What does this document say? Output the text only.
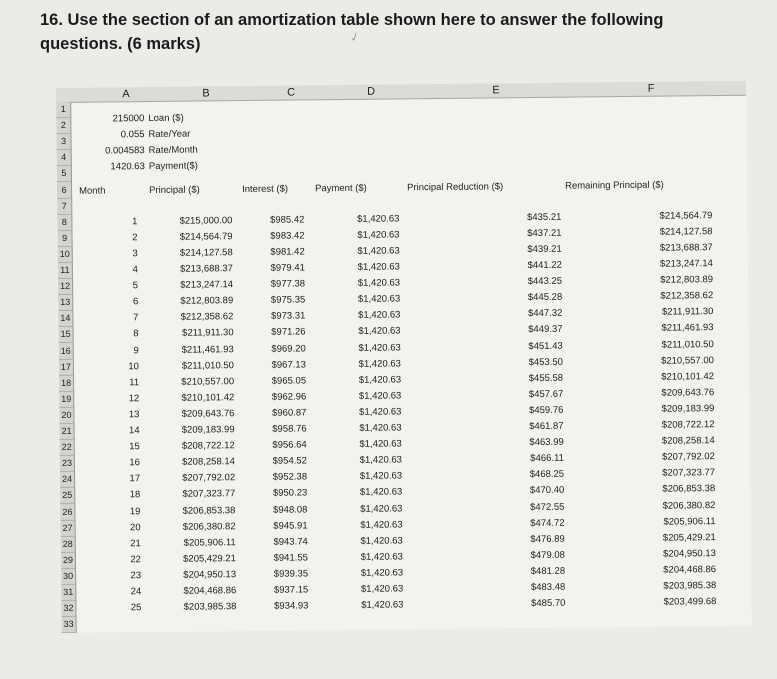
16. Use the section of an amortization table shown here to answer the following
questions. (6 marks)	✓
A	B	C	D	E	F
1
2
3
4
5
6
7
8
9
10
11
12
13
14
15
16
17
18
19
20
21
22
23
24
25
26
27
28
29
30
31
32
33
215000 Loan ($)
0.055 Rate/Year
0.004583 Rate/Month
1420.63 Payment($)
Month	Principal ($)	Interest ($)	Payment ($)	Principal Reduction ($)	Remaining Principal ($)
1	$215,000.00	$985.42	$1,420.63	$435.21	$214,564.79
2	$214,564.79	$983.42	$1,420.63	$437.21	$214,127.58
3	$214,127.58	$981.42	$1,420.63	$439.21	$213,688.37
4	$213,688.37	$979.41	$1,420.63	$441.22	$213,247.14
5	$213,247.14	$977.38	$1,420.63	$443.25	$212,803.89
6	$212,803.89	$975.35	$1,420.63	$445.28	$212,358.62
7	$212,358.62	$973.31	$1,420.63	$447.32	$211,911.30
8	$211,911.30	$971.26	$1,420.63	$449.37	$211,461.93
9	$211,461.93	$969.20	$1,420.63	$451.43	$211,010.50
10	$211,010.50	$967.13	$1,420.63	$453.50	$210,557.00
11	$210,557.00	$965.05	$1,420.63	$455.58	$210,101.42
12	$210,101.42	$962.96	$1,420.63	$457.67	$209,643.76
13	$209,643.76	$960.87	$1,420.63	$459.76	$209,183.99
14	$209,183.99	$958.76	$1,420.63	$461.87	$208,722.12
15	$208,722.12	$956.64	$1,420.63	$463.99	$208,258.14
16	$208,258.14	$954.52	$1,420.63	$466.11	$207,792.02
17	$207,792.02	$952.38	$1,420.63	$468.25	$207,323.77
18	$207,323.77	$950.23	$1,420.63	$470.40	$206,853.38
19	$206,853.38	$948.08	$1,420.63	$472.55	$206,380.82
20	$206,380.82	$945.91	$1,420.63	$474.72	$205,906.11
21	$205,906.11	$943.74	$1,420.63	$476.89	$205,429.21
22	$205,429.21	$941.55	$1,420.63	$479.08	$204,950.13
23	$204,950.13	$939.35	$1,420.63	$481.28	$204,468.86
24	$204,468.86	$937.15	$1,420.63	$483.48	$203,985.38
25	$203,985.38	$934.93	$1,420.63	$485.70	$203,499.68
